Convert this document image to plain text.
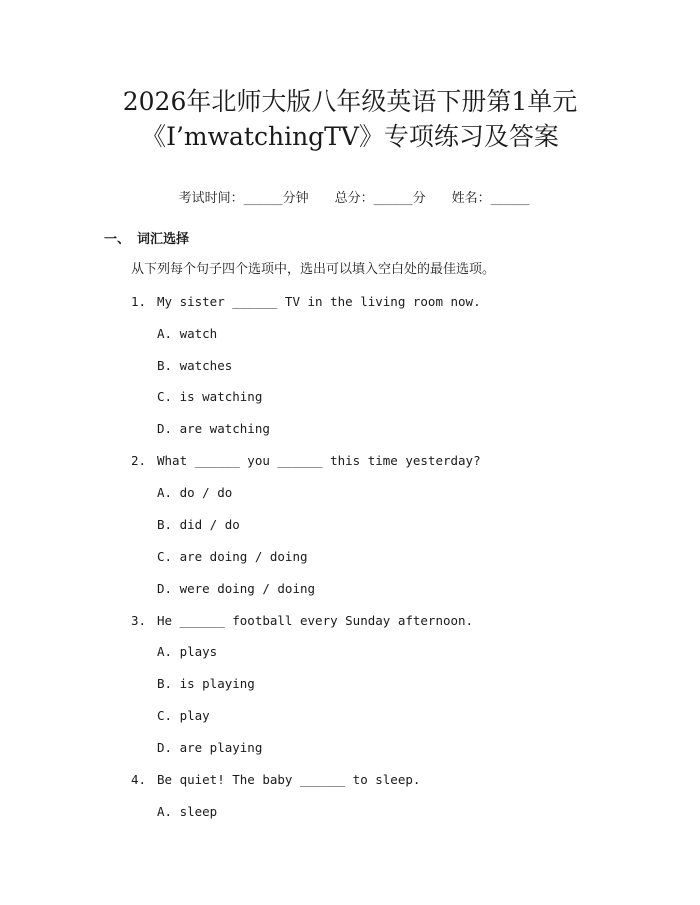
2026年北师大版八年级英语下册第1单元
《I’mwatchingTV》专项练习及答案

考试时间：______分钟 总分：______分 姓名：______

一、 词汇选择
从下列每个句子四个选项中，选出可以填入空白处的最佳选项。
1. My sister ______ TV in the living room now.
A. watch
B. watches
C. is watching
D. are watching
2. What ______ you ______ this time yesterday?
A. do / do
B. did / do
C. are doing / doing
D. were doing / doing
3. He ______ football every Sunday afternoon.
A. plays
B. is playing
C. play
D. are playing
4. Be quiet! The baby ______ to sleep.
A. sleep
